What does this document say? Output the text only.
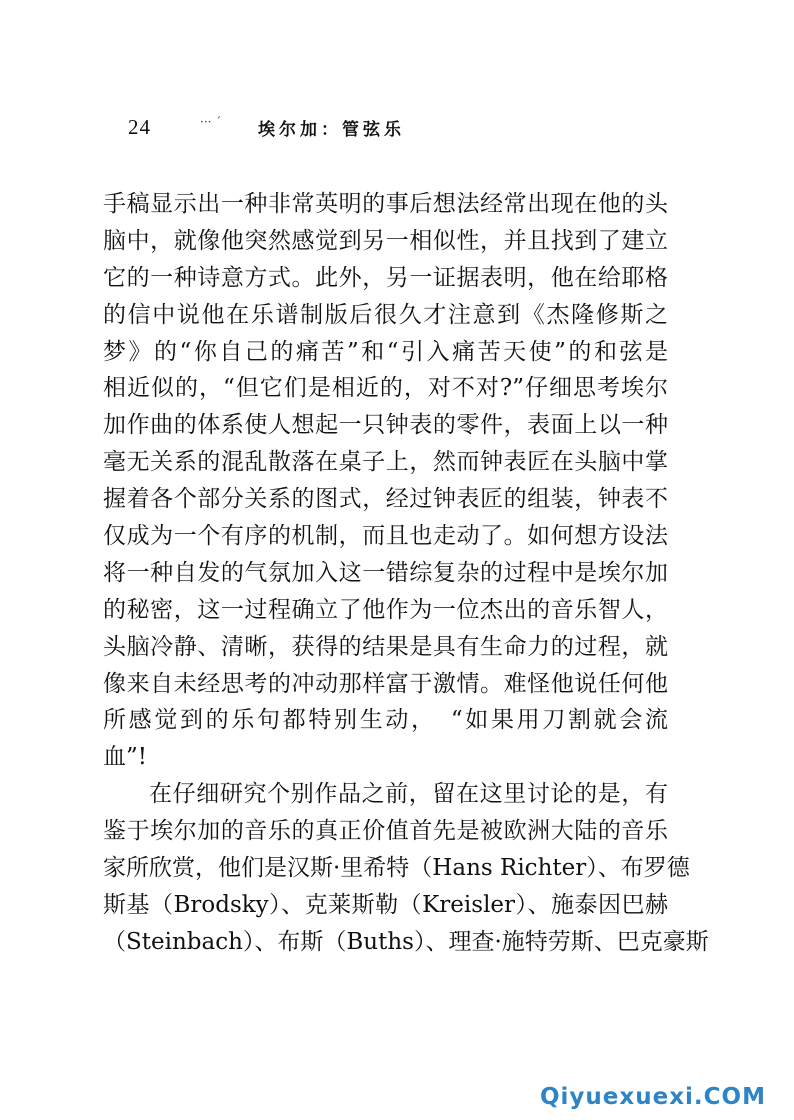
24	··· ˊ 埃尔加：管弦乐
手稿显示出一种非常英明的事后想法经常出现在他的头
脑中，就像他突然感觉到另一相似性，并且找到了建立
它的一种诗意方式。此外，另一证据表明，他在给耶格
的信中说他在乐谱制版后很久才注意到《杰隆修斯之
梦》的“你自己的痛苦”和“引入痛苦天使”的和弦是
相近似的，“但它们是相近的，对不对?”仔细思考埃尔
加作曲的体系使人想起一只钟表的零件，表面上以一种
毫无关系的混乱散落在桌子上，然而钟表匠在头脑中掌
握着各个部分关系的图式，经过钟表匠的组装，钟表不
仅成为一个有序的机制，而且也走动了。如何想方设法
将一种自发的气氛加入这一错综复杂的过程中是埃尔加
的秘密，这一过程确立了他作为一位杰出的音乐智人，
头脑冷静、清晰，获得的结果是具有生命力的过程，就
像来自未经思考的冲动那样富于激情。难怪他说任何他
所感觉到的乐句都特别生动，　“如果用刀割就会流
血”!
在仔细研究个别作品之前，留在这里讨论的是，有
鉴于埃尔加的音乐的真正价值首先是被欧洲大陆的音乐
家所欣赏，他们是汉斯·里希特（Hans Richter）、布罗德
斯基（Brodsky）、克莱斯勒（Kreisler）、施泰因巴赫
（Steinbach）、布斯（Buths）、理查·施特劳斯、巴克豪斯
Qiyuexuexi.COM
